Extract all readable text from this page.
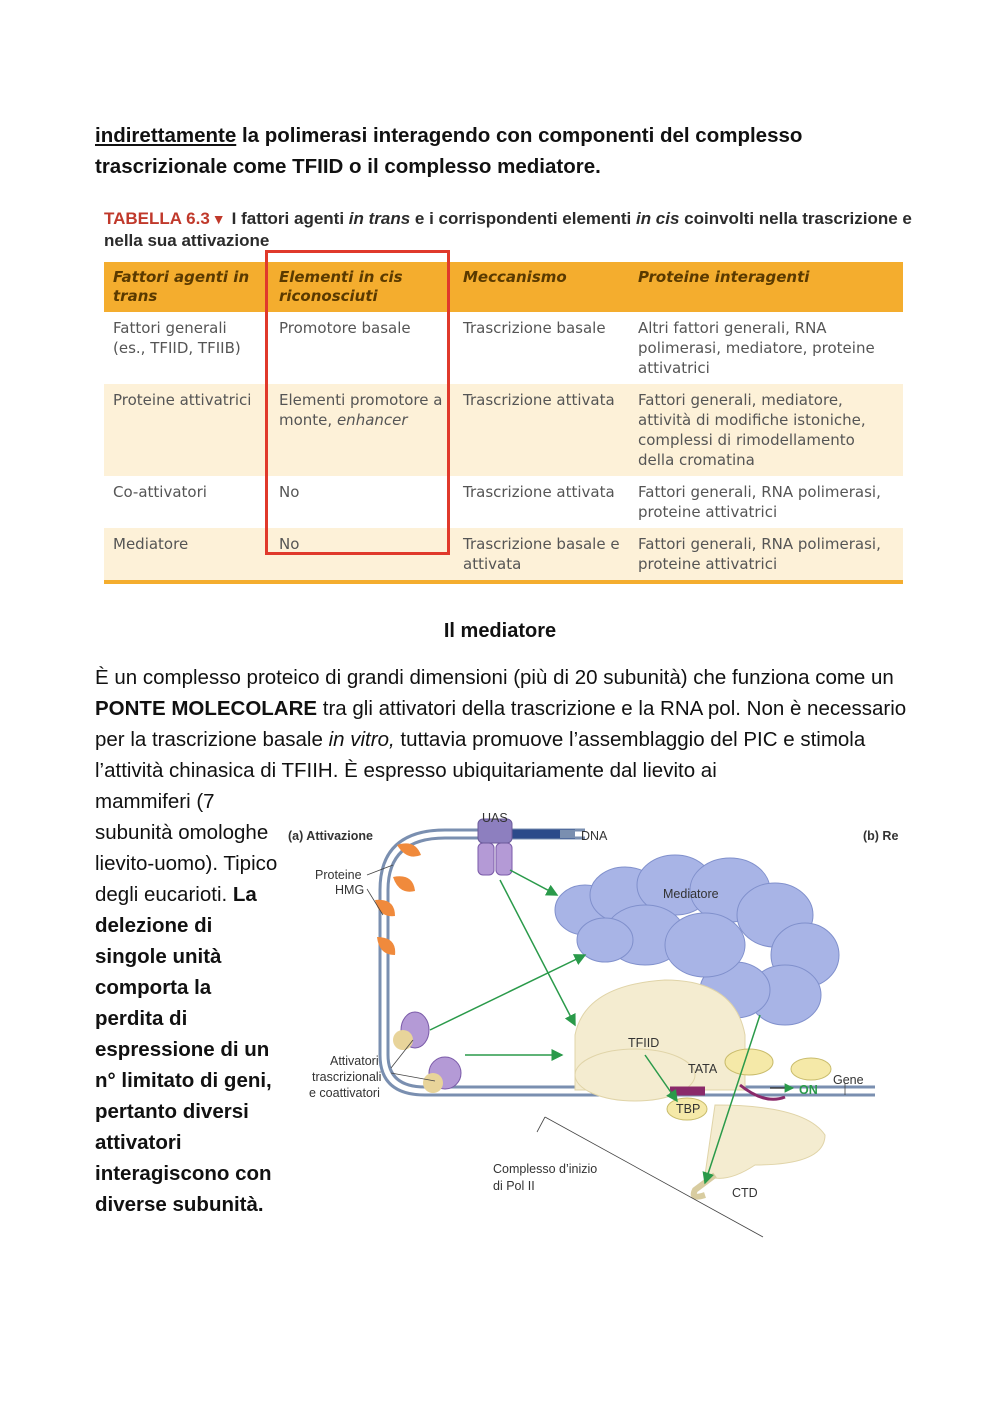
indirettamente la polimerasi interagendo con componenti del complesso trascrizionale come TFIID o il complesso mediatore.
TABELLA 6.3 ▼ I fattori agenti in trans e i corrispondenti elementi in cis coinvolti nella trascrizione e nella sua attivazione
Fattori agenti in trans	Elementi in cis riconosciuti	Meccanismo	Proteine interagenti
Fattori generali (es., TFIID, TFIIB)	Promotore basale	Trascrizione basale	Altri fattori generali, RNA polimerasi, mediatore, proteine attivatrici
Proteine attivatrici	Elementi promotore a monte, enhancer	Trascrizione attivata	Fattori generali, mediatore, attività di modifiche istoniche, complessi di rimodellamento della cromatina
Co-attivatori	No	Trascrizione attivata	Fattori generali, RNA polimerasi, proteine attivatrici
Mediatore	No	Trascrizione basale e attivata	Fattori generali, RNA polimerasi, proteine attivatrici
Il mediatore
È un complesso proteico di grandi dimensioni (più di 20 subunità) che funziona come un PONTE MOLECOLARE tra gli attivatori della trascrizione e la RNA pol. Non è necessario per la trascrizione basale in vitro, tuttavia promuove l’assemblaggio del PIC e stimola l’attività chinasica di TFIIH. È espresso ubiquitariamente dal lievito ai
mammiferi (7 subunità omologhe lievito-uomo). Tipico degli eucarioti. La delezione di singole unità comporta la perdita di espressione di un n° limitato di geni, pertanto diversi attivatori interagiscono con diverse subunità.
(a) Attivazione	(b) Re
UAS
DNA
Proteine
HMG	Mediatore
Attivatori
trascrizionali
e coattivatori
TFIID
TATA
TBP
ON
Gene
Complesso d’inizio
di Pol II	CTD
